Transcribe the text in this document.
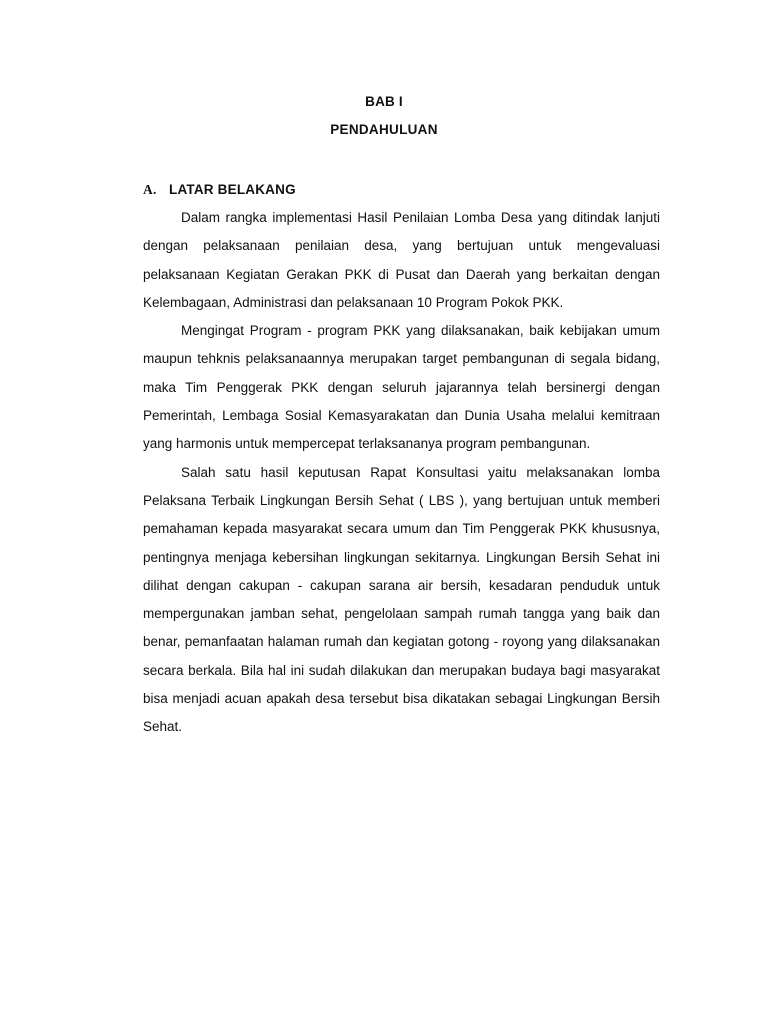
BAB I
PENDAHULUAN
A. LATAR BELAKANG

Dalam rangka implementasi Hasil Penilaian Lomba Desa yang ditindak lanjuti dengan pelaksanaan penilaian desa, yang bertujuan untuk mengevaluasi pelaksanaan Kegiatan Gerakan PKK di Pusat dan Daerah yang berkaitan dengan Kelembagaan, Administrasi dan pelaksanaan 10 Program Pokok PKK.

Mengingat Program - program PKK yang dilaksanakan, baik kebijakan umum maupun tehknis pelaksanaannya merupakan target pembangunan di segala bidang, maka Tim Penggerak PKK dengan seluruh jajarannya telah bersinergi dengan Pemerintah, Lembaga Sosial Kemasyarakatan dan Dunia Usaha melalui kemitraan yang harmonis untuk mempercepat terlaksananya program pembangunan.

Salah satu hasil keputusan Rapat Konsultasi yaitu melaksanakan lomba Pelaksana Terbaik Lingkungan Bersih Sehat ( LBS ), yang bertujuan untuk memberi pemahaman kepada masyarakat secara umum dan Tim Penggerak PKK khususnya, pentingnya menjaga kebersihan lingkungan sekitarnya. Lingkungan Bersih Sehat ini dilihat dengan cakupan - cakupan sarana air bersih, kesadaran penduduk untuk mempergunakan jamban sehat, pengelolaan sampah rumah tangga yang baik dan benar, pemanfaatan halaman rumah dan kegiatan gotong - royong yang dilaksanakan secara berkala. Bila hal ini sudah dilakukan dan merupakan budaya bagi masyarakat bisa menjadi acuan apakah desa tersebut bisa dikatakan sebagai Lingkungan Bersih Sehat.
